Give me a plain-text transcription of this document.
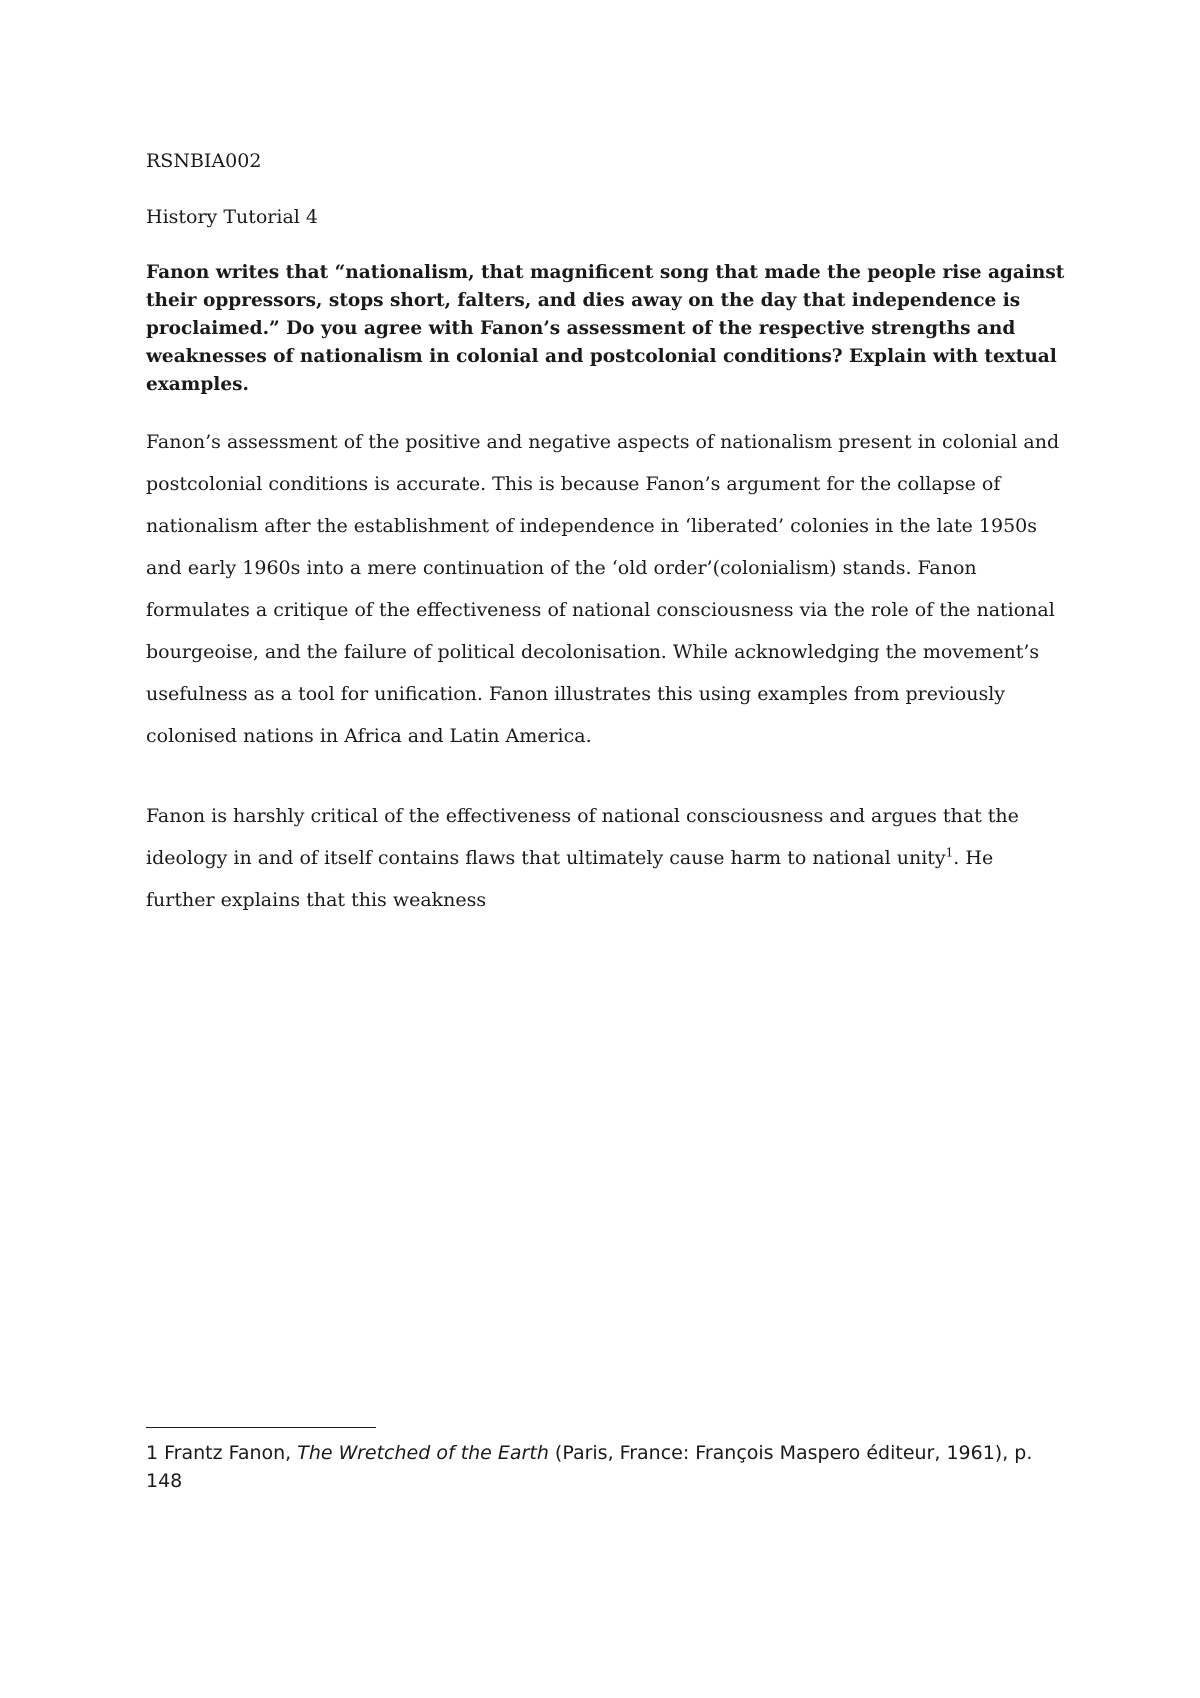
RSNBIA002
History Tutorial 4

Fanon writes that “nationalism, that magnificent song that made the people rise against their oppressors, stops short, falters, and dies away on the day that independence is proclaimed.” Do you agree with Fanon’s assessment of the respective strengths and weaknesses of nationalism in colonial and postcolonial conditions? Explain with textual examples.

Fanon’s assessment of the positive and negative aspects of nationalism present in colonial and postcolonial conditions is accurate. This is because Fanon’s argument for the collapse of nationalism after the establishment of independence in ‘liberated’ colonies in the late 1950s and early 1960s into a mere continuation of the ‘old order’(colonialism) stands. Fanon formulates a critique of the effectiveness of national consciousness via the role of the national bourgeoise, and the failure of political decolonisation. While acknowledging the movement’s usefulness as a tool for unification. Fanon illustrates this using examples from previously colonised nations in Africa and Latin America.

Fanon is harshly critical of the effectiveness of national consciousness and argues that the ideology in and of itself contains flaws that ultimately cause harm to national unity$^1$. He further explains that this weakness

1 Frantz Fanon, The Wretched of the Earth (Paris, France: François Maspero éditeur, 1961), p. 148
